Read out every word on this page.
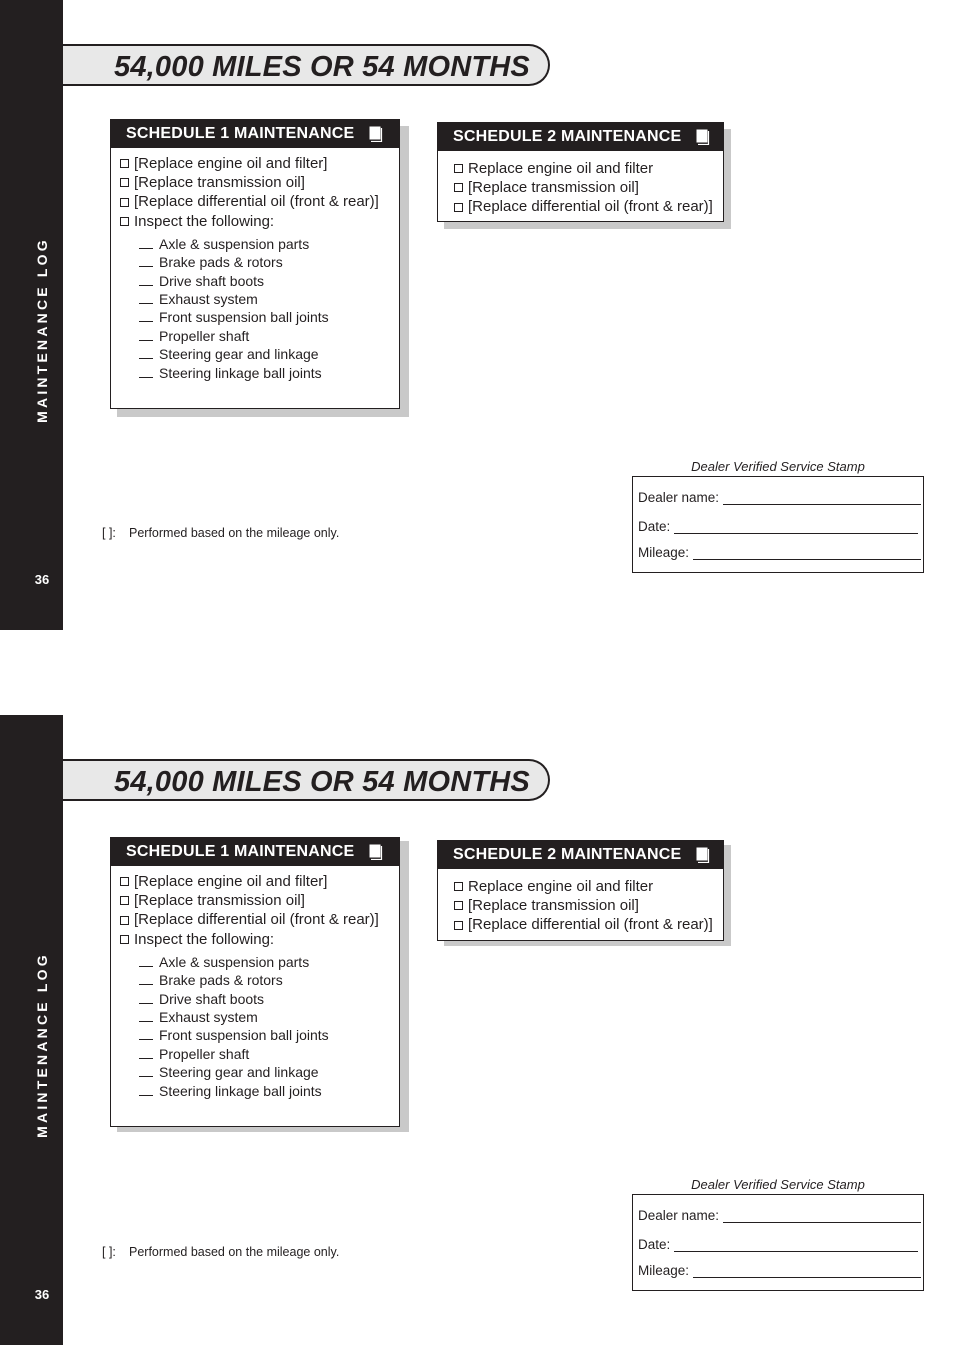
MAINTENANCE LOG
36
54,000 MILES OR 54 MONTHS
SCHEDULE 1 MAINTENANCE
[Replace engine oil and filter]
[Replace transmission oil]
[Replace differential oil (front & rear)]
Inspect the following:
Axle & suspension parts
Brake pads & rotors
Drive shaft boots
Exhaust system
Front suspension ball joints
Propeller shaft
Steering gear and linkage
Steering linkage ball joints
SCHEDULE 2 MAINTENANCE
Replace engine oil and filter
[Replace transmission oil]
[Replace differential oil (front & rear)]
[ ]: Performed based on the mileage only.
Dealer Verified Service Stamp
Dealer name:
Date:
Mileage:
MAINTENANCE LOG
36
54,000 MILES OR 54 MONTHS
SCHEDULE 1 MAINTENANCE
[Replace engine oil and filter]
[Replace transmission oil]
[Replace differential oil (front & rear)]
Inspect the following:
Axle & suspension parts
Brake pads & rotors
Drive shaft boots
Exhaust system
Front suspension ball joints
Propeller shaft
Steering gear and linkage
Steering linkage ball joints
SCHEDULE 2 MAINTENANCE
Replace engine oil and filter
[Replace transmission oil]
[Replace differential oil (front & rear)]
[ ]: Performed based on the mileage only.
Dealer Verified Service Stamp
Dealer name:
Date:
Mileage:
